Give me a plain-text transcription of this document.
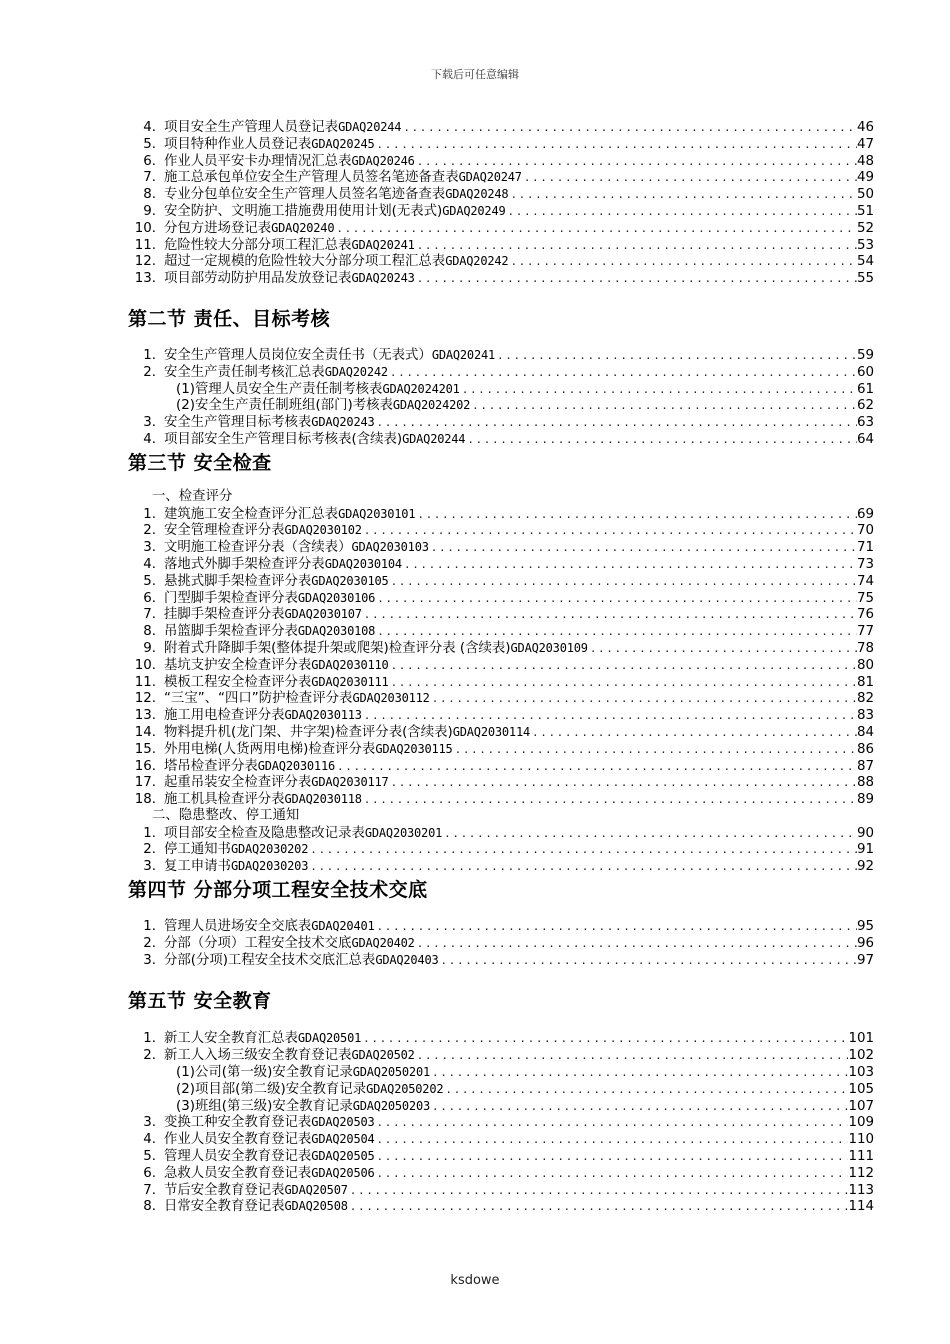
下载后可任意编辑
4. 项目安全生产管理人员登记表 GDAQ20244 .....	46
5. 项目特种作业人员登记表 GDAQ20245 .....	47
6. 作业人员平安卡办理情况汇总表 GDAQ20246 .....	48
7. 施工总承包单位安全生产管理人员签名笔迹备查表 GDAQ20247 .....	49
8. 专业分包单位安全生产管理人员签名笔迹备查表 GDAQ20248 .....	50
9. 安全防护、文明施工措施费用使用计划(无表式) GDAQ20249 .....	51
10. 分包方进场登记表 GDAQ20240 .....	52
11. 危险性较大分部分项工程汇总表 GDAQ20241 .....	53
12. 超过一定规模的危险性较大分部分项工程汇总表 GDAQ20242 .....	54
13. 项目部劳动防护用品发放登记表 GDAQ20243 .....	55
第二节 责任、目标考核
1. 安全生产管理人员岗位安全责任书（无表式） GDAQ20241 .....	59
2. 安全生产责任制考核汇总表 GDAQ20242 .....	60
(1)管理人员安全生产责任制考核表 GDAQ2024201 .....	61
(2)安全生产责任制班组(部门)考核表 GDAQ2024202 .....	62
3. 安全生产管理目标考核表 GDAQ20243 .....	63
4. 项目部安全生产管理目标考核表(含续表) GDAQ20244 .....	64
第三节 安全检查
一、检查评分
1. 建筑施工安全检查评分汇总表 GDAQ2030101 .....	69
2. 安全管理检查评分表 GDAQ2030102 .....	70
3. 文明施工检查评分表（含续表） GDAQ2030103 .....	71
4. 落地式外脚手架检查评分表 GDAQ2030104 .....	73
5. 悬挑式脚手架检查评分表 GDAQ2030105 .....	74
6. 门型脚手架检查评分表 GDAQ2030106 .....	75
7. 挂脚手架检查评分表 GDAQ2030107 .....	76
8. 吊篮脚手架检查评分表 GDAQ2030108 .....	77
9. 附着式升降脚手架(整体提升架或爬架)检查评分表 (含续表) GDAQ2030109 .....	78
10. 基坑支护安全检查评分表 GDAQ2030110 .....	80
11. 模板工程安全检查评分表 GDAQ2030111 .....	81
12. “三宝”、“四口”防护检查评分表 GDAQ2030112 .....	82
13. 施工用电检查评分表 GDAQ2030113 .....	83
14. 物料提升机(龙门架、井字架)检查评分表(含续表) GDAQ2030114 .....	84
15. 外用电梯(人货两用电梯)检查评分表 GDAQ2030115 .....	86
16. 塔吊检查评分表 GDAQ2030116 .....	87
17. 起重吊装安全检查评分表 GDAQ2030117 .....	88
18. 施工机具检查评分表 GDAQ2030118 .....	89
二、隐患整改、停工通知
1. 项目部安全检查及隐患整改记录表 GDAQ2030201 .....	90
2. 停工通知书 GDAQ2030202 .....	91
3. 复工申请书 GDAQ2030203 .....	92
第四节 分部分项工程安全技术交底
1. 管理人员进场安全交底表 GDAQ20401 .....	95
2. 分部（分项）工程安全技术交底 GDAQ20402 .....	96
3. 分部(分项)工程安全技术交底汇总表 GDAQ20403 .....	97
第五节 安全教育
1. 新工人安全教育汇总表 GDAQ20501 .....	101
2. 新工人入场三级安全教育登记表 GDAQ20502 .....	102
(1)公司(第一级)安全教育记录 GDAQ2050201 .....	103
(2)项目部(第二级)安全教育记录 GDAQ2050202 .....	105
(3)班组(第三级)安全教育记录 GDAQ2050203 .....	107
3. 变换工种安全教育登记表 GDAQ20503 .....	109
4. 作业人员安全教育登记表 GDAQ20504 .....	110
5. 管理人员安全教育登记表 GDAQ20505 .....	111
6. 急救人员安全教育登记表 GDAQ20506 .....	112
7. 节后安全教育登记表 GDAQ20507 .....	113
8. 日常安全教育登记表 GDAQ20508 .....	114
ksdowe
